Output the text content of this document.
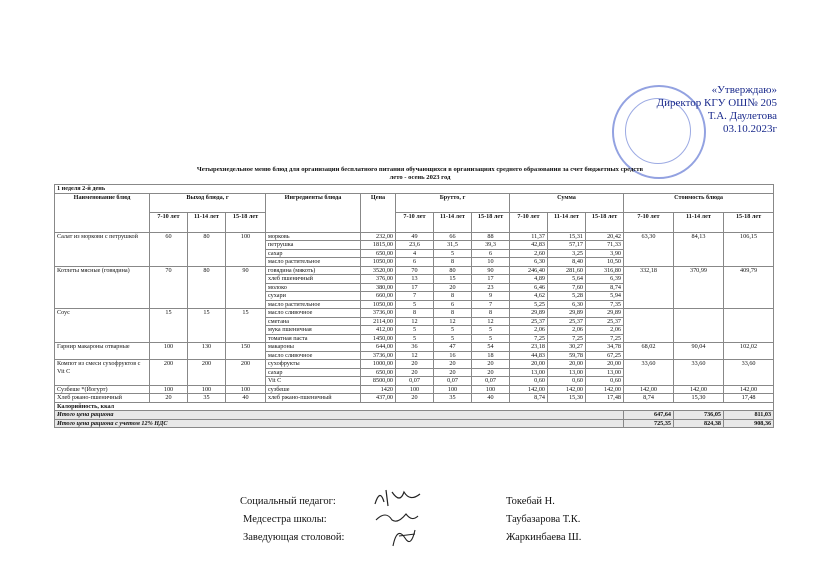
«Утверждаю»
Директор КГУ ОШ№ 205
Т.А. Даулетова
03.10.2023г
Четырехнедельное меню блюд для организации бесплатного питания обучающихся в организациях среднего образования за счет бюджетных средств
лето - осень 2023 год
1 неделя 2-й день														
Наименование блюд	Выход блюда, г			Ингредиенты блюда	Цена	Брутто, г			Сумма			Стоимость блюда		
	7-10 лет	11-14 лет	15-18 лет			7-10 лет	11-14 лет	15-18 лет	7-10 лет	11-14 лет	15-18 лет	7-10 лет	11-14 лет	15-18 лет
Салат из моркови с петрушкой	60	80	100	морковь	232,00	49	66	88	11,37	15,31	20,42	63,30	84,13	106,15
				петрушка	1815,00	23,6	31,5	39,3	42,83	57,17	71,33			
				сахар	650,00	4	5	6	2,60	3,25	3,90			
				масло растительное	1050,00	6	8	10	6,30	8,40	10,50			
Котлеты мясные (говядина)	70	80	90	говядина (мякоть)	3520,00	70	80	90	246,40	281,60	316,80	332,18	370,99	409,79
				хлеб пшеничный	376,00	13	15	17	4,89	5,64	6,39			
				молоко	380,00	17	20	23	6,46	7,60	8,74			
				сухари	660,00	7	8	9	4,62	5,28	5,94			
				масло растительное	1050,00	5	6	7	5,25	6,30	7,35			
Соус	15	15	15	масло сливочное	3736,00	8	8	8	29,89	29,89	29,89			
				сметана	2114,00	12	12	12	25,37	25,37	25,37			
				мука пшеничная	412,00	5	5	5	2,06	2,06	2,06			
				томатная паста	1450,00	5	5	5	7,25	7,25	7,25			
Гарнир макароны отварные	100	130	150	макароны	644,00	36	47	54	23,18	30,27	34,78	68,02	90,04	102,02
				масло сливочное	3736,00	12	16	18	44,83	59,78	67,25			
Компот из смеси сухофруктов с Vit C	200	200	200	сухофрукты	1000,00	20	20	20	20,00	20,00	20,00	33,60	33,60	33,60
				сахар	650,00	20	20	20	13,00	13,00	13,00			
				Vit C	8500,00	0,07	0,07	0,07	0,60	0,60	0,60			
Сузбеше *(Йогурт)	100	100	100	сузбеше	1420	100	100	100	142,00	142,00	142,00	142,00	142,00	142,00
Хлеб ржано-пшеничный	20	35	40	хлеб ржано-пшеничный	437,00	20	35	40	8,74	15,30	17,48	8,74	15,30	17,48
Калорийность, ккал														
Итого цена рациона												647,64	736,05	811,03
Итого цена рациона с учетом 12% НДС												725,35	824,38	908,36
Социальный педагог:	Токебай Н.
Медсестра школы:	Таубазарова Т.К.
Заведующая столовой:	Жаркинбаева Ш.
